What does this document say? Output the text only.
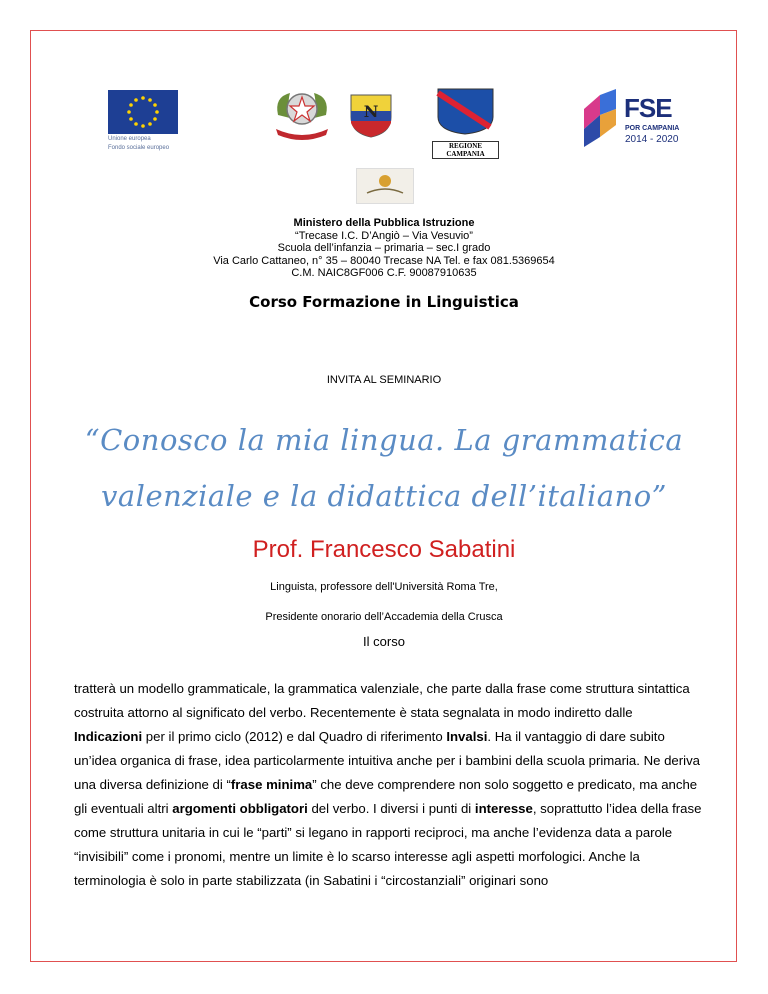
Unione europea
Fondo sociale europeo
N
REGIONE CAMPANIA
FSE
POR CAMPANIA
2014 - 2020
Ministero della Pubblica Istruzione
“Trecase I.C. D’Angiò – Via Vesuvio”
Scuola dell’infanzia – primaria – sec.I grado
Via Carlo Cattaneo, n° 35 – 80040 Trecase NA Tel. e fax 081.5369654
C.M. NAIC8GF006 C.F. 90087910635
Corso Formazione in Linguistica
INVITA AL SEMINARIO
“Conosco la mia lingua. La grammatica
valenziale e la didattica dell’italiano”
Prof. Francesco Sabatini
Linguista, professore dell'Università Roma Tre,
Presidente onorario dell’Accademia della Crusca
Il corso
tratterà un modello grammaticale, la grammatica valenziale, che parte dalla frase come struttura sintattica costruita attorno al significato del verbo. Recentemente è stata segnalata in modo indiretto dalle Indicazioni per il primo ciclo (2012) e dal Quadro di riferimento Invalsi. Ha il vantaggio di dare subito un’idea organica di frase, idea particolarmente intuitiva anche per i bambini della scuola primaria. Ne deriva una diversa definizione di “frase minima” che deve comprendere non solo soggetto e predicato, ma anche gli eventuali altri argomenti obbligatori del verbo. I diversi i punti di interesse, soprattutto l’idea della frase come struttura unitaria in cui le “parti” si legano in rapporti reciproci, ma anche l’evidenza data a parole “invisibili” come i pronomi, mentre un limite è lo scarso interesse agli aspetti morfologici. Anche la terminologia è solo in parte stabilizzata (in Sabatini i “circostanziali” originari sono
